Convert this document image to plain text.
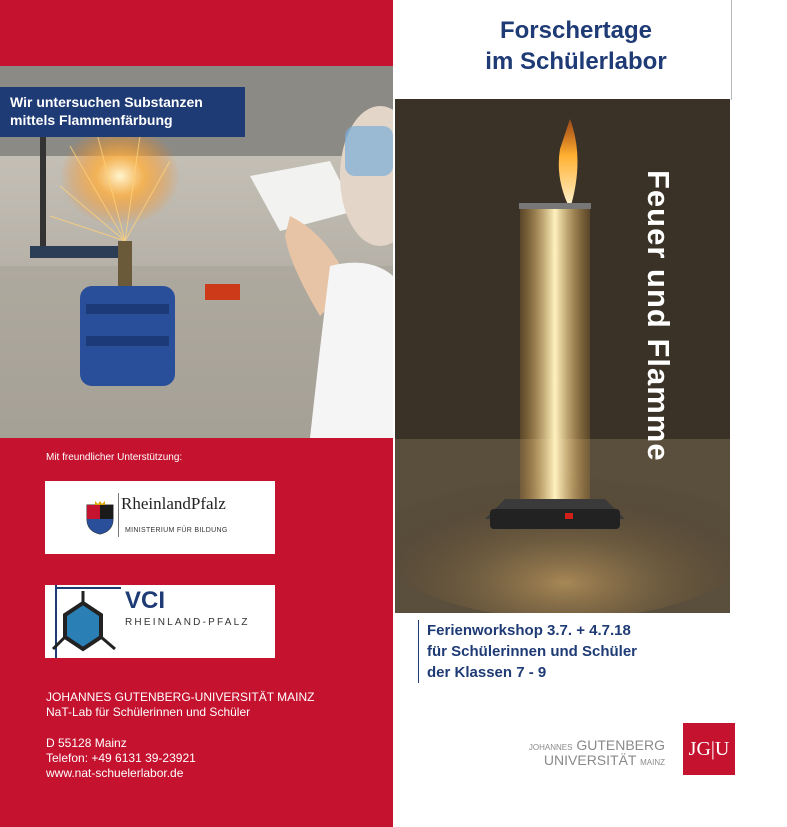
Wir untersuchen Substanzen
mittels Flammenfärbung
Mit freundlicher Unterstützung:
RheinlandPfalz
MINISTERIUM FÜR BILDUNG
VCI
RHEINLAND-PFALZ
JOHANNES GUTENBERG-UNIVERSITÄT MAINZ
NaT-Lab für Schülerinnen und Schüler
D 55128 Mainz
Telefon: +49 6131 39-23921
www.nat-schuelerlabor.de
Forschertage
im Schülerlabor
Feuer und Flamme
Ferienworkshop 3.7. + 4.7.18
für Schülerinnen und Schüler
der Klassen 7 - 9
JOHANNES GUTENBERG
UNIVERSITÄT MAINZ
JG|U
